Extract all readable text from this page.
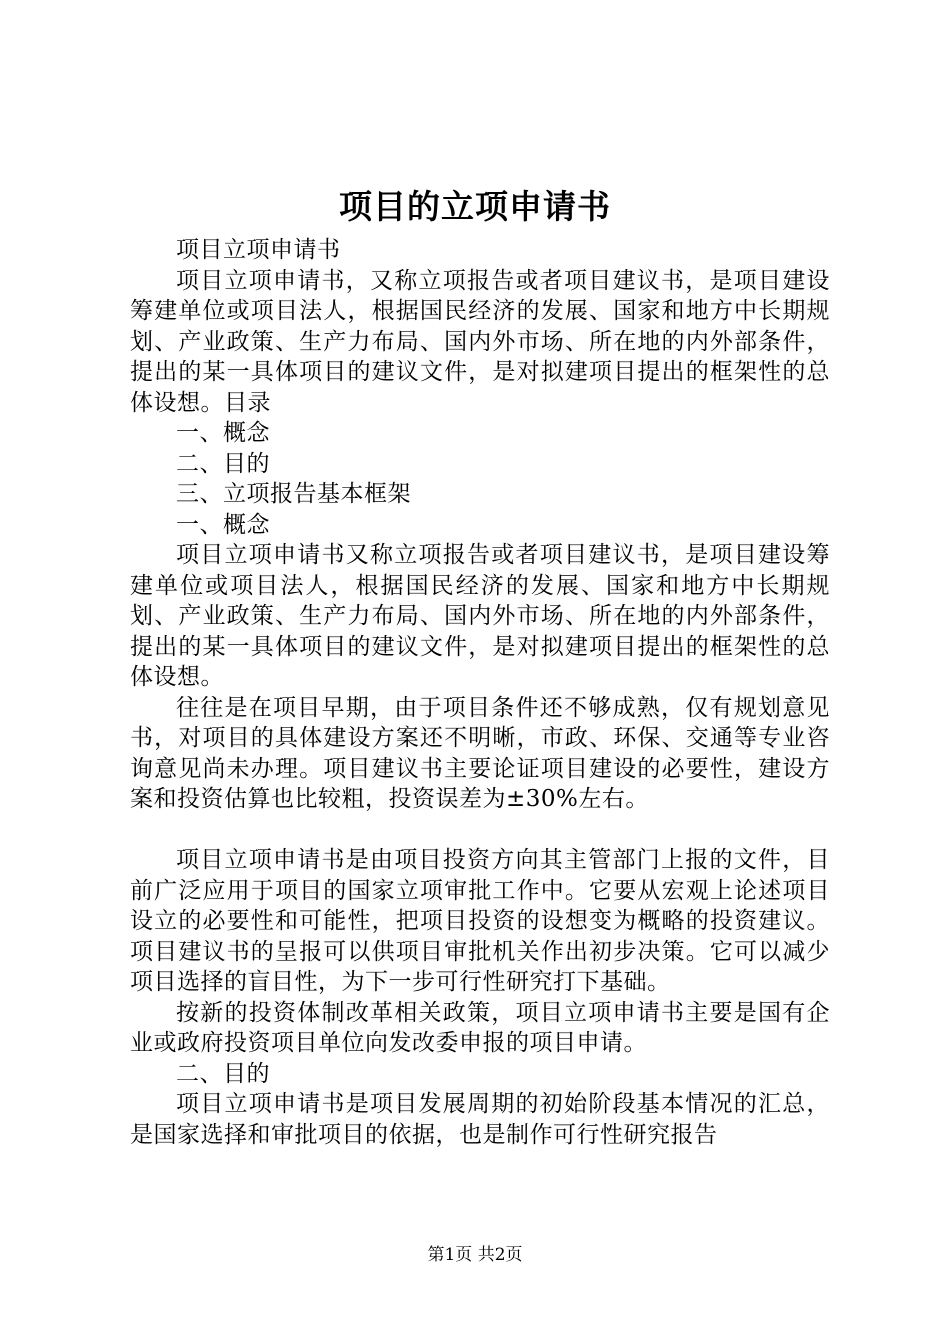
项目的立项申请书

项目立项申请书

项目立项申请书，又称立项报告或者项目建议书，是项目建设筹建单位或项目法人，根据国民经济的发展、国家和地方中长期规划、产业政策、生产力布局、国内外市场、所在地的内外部条件，提出的某一具体项目的建议文件，是对拟建项目提出的框架性的总体设想。目录

一、概念

二、目的

三、立项报告基本框架

一、概念

项目立项申请书又称立项报告或者项目建议书，是项目建设筹建单位或项目法人，根据国民经济的发展、国家和地方中长期规划、产业政策、生产力布局、国内外市场、所在地的内外部条件，提出的某一具体项目的建议文件，是对拟建项目提出的框架性的总体设想。

往往是在项目早期，由于项目条件还不够成熟，仅有规划意见书，对项目的具体建设方案还不明晰，市政、环保、交通等专业咨询意见尚未办理。项目建议书主要论证项目建设的必要性，建设方案和投资估算也比较粗，投资误差为±30%左右。

项目立项申请书是由项目投资方向其主管部门上报的文件，目前广泛应用于项目的国家立项审批工作中。它要从宏观上论述项目设立的必要性和可能性，把项目投资的设想变为概略的投资建议。项目建议书的呈报可以供项目审批机关作出初步决策。它可以减少项目选择的盲目性，为下一步可行性研究打下基础。

按新的投资体制改革相关政策，项目立项申请书主要是国有企业或政府投资项目单位向发改委申报的项目申请。

二、目的

项目立项申请书是项目发展周期的初始阶段基本情况的汇总，是国家选择和审批项目的依据，也是制作可行性研究报告

第1页 共2页
